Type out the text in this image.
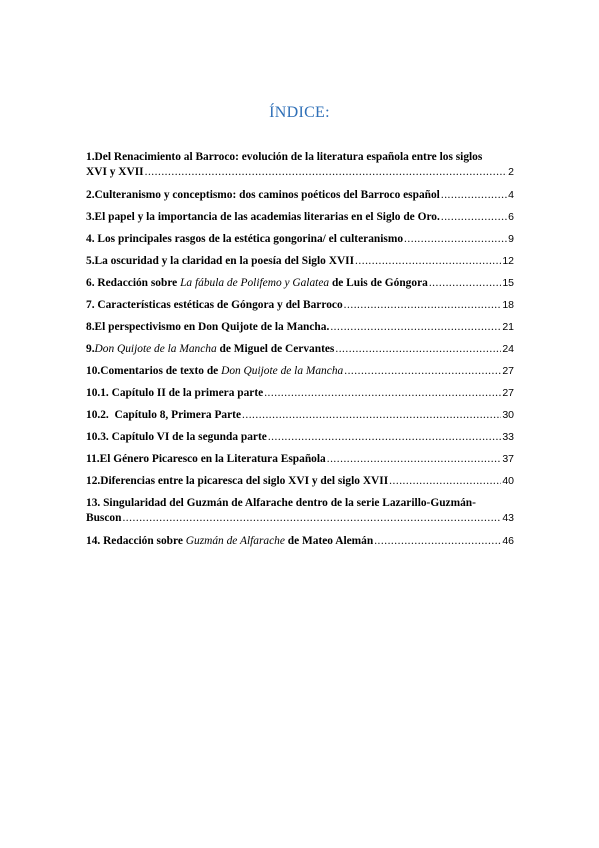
ÍNDICE:
1.Del Renacimiento al Barroco: evolución de la literatura española entre los siglos
XVI y XVII .....	2
2.Culteranismo y conceptismo: dos caminos poéticos del Barroco español .....	4
3.El papel y la importancia de las academias literarias en el Siglo de Oro. .....	6
4. Los principales rasgos de la estética gongorina/ el culteranismo .....	9
5.La oscuridad y la claridad en la poesía del Siglo XVII .....	12
6. Redacción sobre La fábula de Polifemo y Galatea de Luis de Góngora .....	15
7. Características estéticas de Góngora y del Barroco .....	18
8.El perspectivismo en Don Quijote de la Mancha. .....	21
9.Don Quijote de la Mancha de Miguel de Cervantes .....	24
10.Comentarios de texto de Don Quijote de la Mancha .....	27
10.1. Capítulo II de la primera parte .....	27
10.2.  Capítulo 8, Primera Parte .....	30
10.3. Capítulo VI de la segunda parte .....	33
11.El Género Picaresco en la Literatura Española .....	37
12.Diferencias entre la picaresca del siglo XVI y del siglo XVII .....	40
13. Singularidad del Guzmán de Alfarache dentro de la serie Lazarillo-Guzmán-
Buscon .....	43
14. Redacción sobre Guzmán de Alfarache de Mateo Alemán .....	46
